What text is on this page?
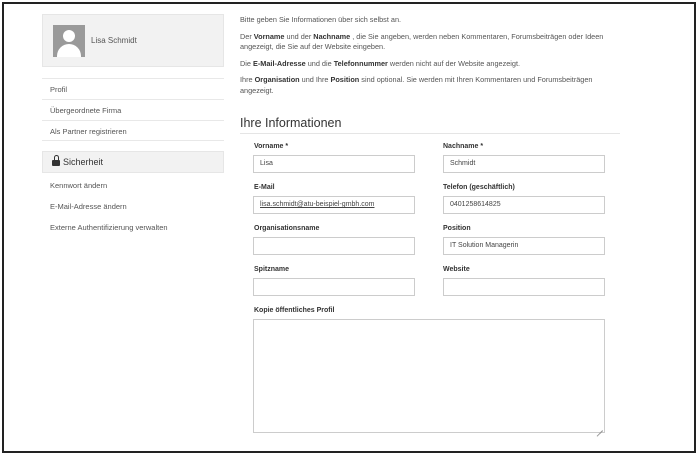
Lisa Schmidt
Profil
Übergeordnete Firma
Als Partner registrieren
Sicherheit
Kennwort ändern
E-Mail-Adresse ändern
Externe Authentifizierung verwalten

Bitte geben Sie Informationen über sich selbst an.

Der Vorname und der Nachname , die Sie angeben, werden neben Kommentaren, Forumsbeiträgen oder Ideen angezeigt, die Sie auf der Website eingeben.

Die E-Mail-Adresse und die Telefonnummer werden nicht auf der Website angezeigt.

Ihre Organisation und Ihre Position sind optional. Sie werden mit Ihren Kommentaren und Forumsbeiträgen angezeigt.

Ihre Informationen
Vorname *
Lisa
Nachname *
Schmidt
E-Mail
lisa.schmidt@atu-beispiel-gmbh.com
Telefon (geschäftlich)
0401258614825
Organisationsname	Position
IT Solution Managerin
Spitzname	Website
Kopie öffentliches Profil
